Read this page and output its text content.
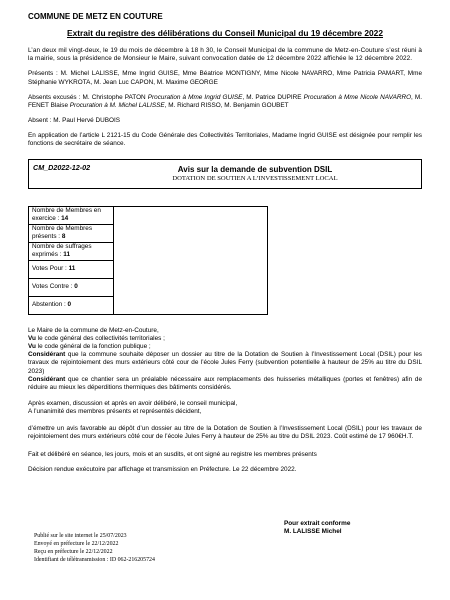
COMMUNE DE METZ EN COUTURE
Extrait du registre des délibérations du Conseil Municipal du 19 décembre 2022

L’an deux mil vingt-deux, le 19 du mois de décembre à 18 h 30, le Conseil Municipal de la commune de Metz-en-Couture s’est réuni à la mairie, sous la présidence de Monsieur le Maire, suivant convocation datée de 12 décembre 2022 affichée le 12 décembre 2022.

Présents : M. Michel LALISSE, Mme Ingrid GUISE, Mme Béatrice MONTIGNY, Mme Nicole NAVARRO, Mme Patricia PAMART, Mme Stéphanie WYKROTA, M. Jean Luc CAPON, M. Maxime GEORGE

Absents excusés : M. Christophe PATON Procuration à Mme Ingrid GUISE, M. Patrice DUPIRE Procuration à Mme Nicole NAVARRO, M. FENET Blaise Procuration à M. Michel LALISSE, M. Richard RISSO, M. Benjamin GOUBET

Absent : M. Paul Hervé DUBOIS

En application de l’article L 2121-15 du Code Générale des Collectivités Territoriales, Madame Ingrid GUISE est désignée pour remplir les fonctions de secrétaire de séance.

CM_D2022-12-02	Avis sur la demande de subvention DSIL
DOTATION DE SOUTIEN A L’INVESTISSEMENT LOCAL
Nombre de Membres en exercice : 14	
Nombre de Membres présents : 8
Nombre de suffrages exprimés : 11
Votes Pour : 11
Votes Contre : 0
Abstention : 0

Le Maire de la commune de Metz-en-Couture,

Vu le code général des collectivités territoriales ;

Vu le code général de la fonction publique ;

Considérant que la commune souhaite déposer un dossier au titre de la Dotation de Soutien à l’Investissement Local (DSIL) pour les travaux de rejointoiement des murs extérieurs côté cour de l’école Jules Ferry (subvention potentielle à hauteur de 25% au titre du DSIL 2023)

Considérant que ce chantier sera un préalable nécessaire aux remplacements des huisseries métalliques (portes et fenêtres) afin de réduire au mieux les déperditions thermiques des bâtiments considérés.

Après examen, discussion et après en avoir délibéré, le conseil municipal,
A l’unanimité des membres présents et représentés décident,

d’émettre un avis favorable au dépôt d’un dossier au titre de la Dotation de Soutien à l’Investissement Local (DSIL) pour les travaux de rejointoiement des murs extérieurs côté cour de l’école Jules Ferry à hauteur de 25% au titre du DSIL 2023. Coût estimé de 17 960€H.T.

Fait et délibéré en séance, les jours, mois et an susdits, et ont signé au registre les membres présents

Décision rendue exécutoire par affichage et transmission en Préfecture. Le 22 décembre 2022.

Pour extrait conforme
M. LALISSE Michel
Publié sur le site internet le 25/07/2023
Envoyé en préfecture le 22/12/2022
Reçu en préfecture le 22/12/2022
Identifiant de télétransmission : ID 062-216205724
